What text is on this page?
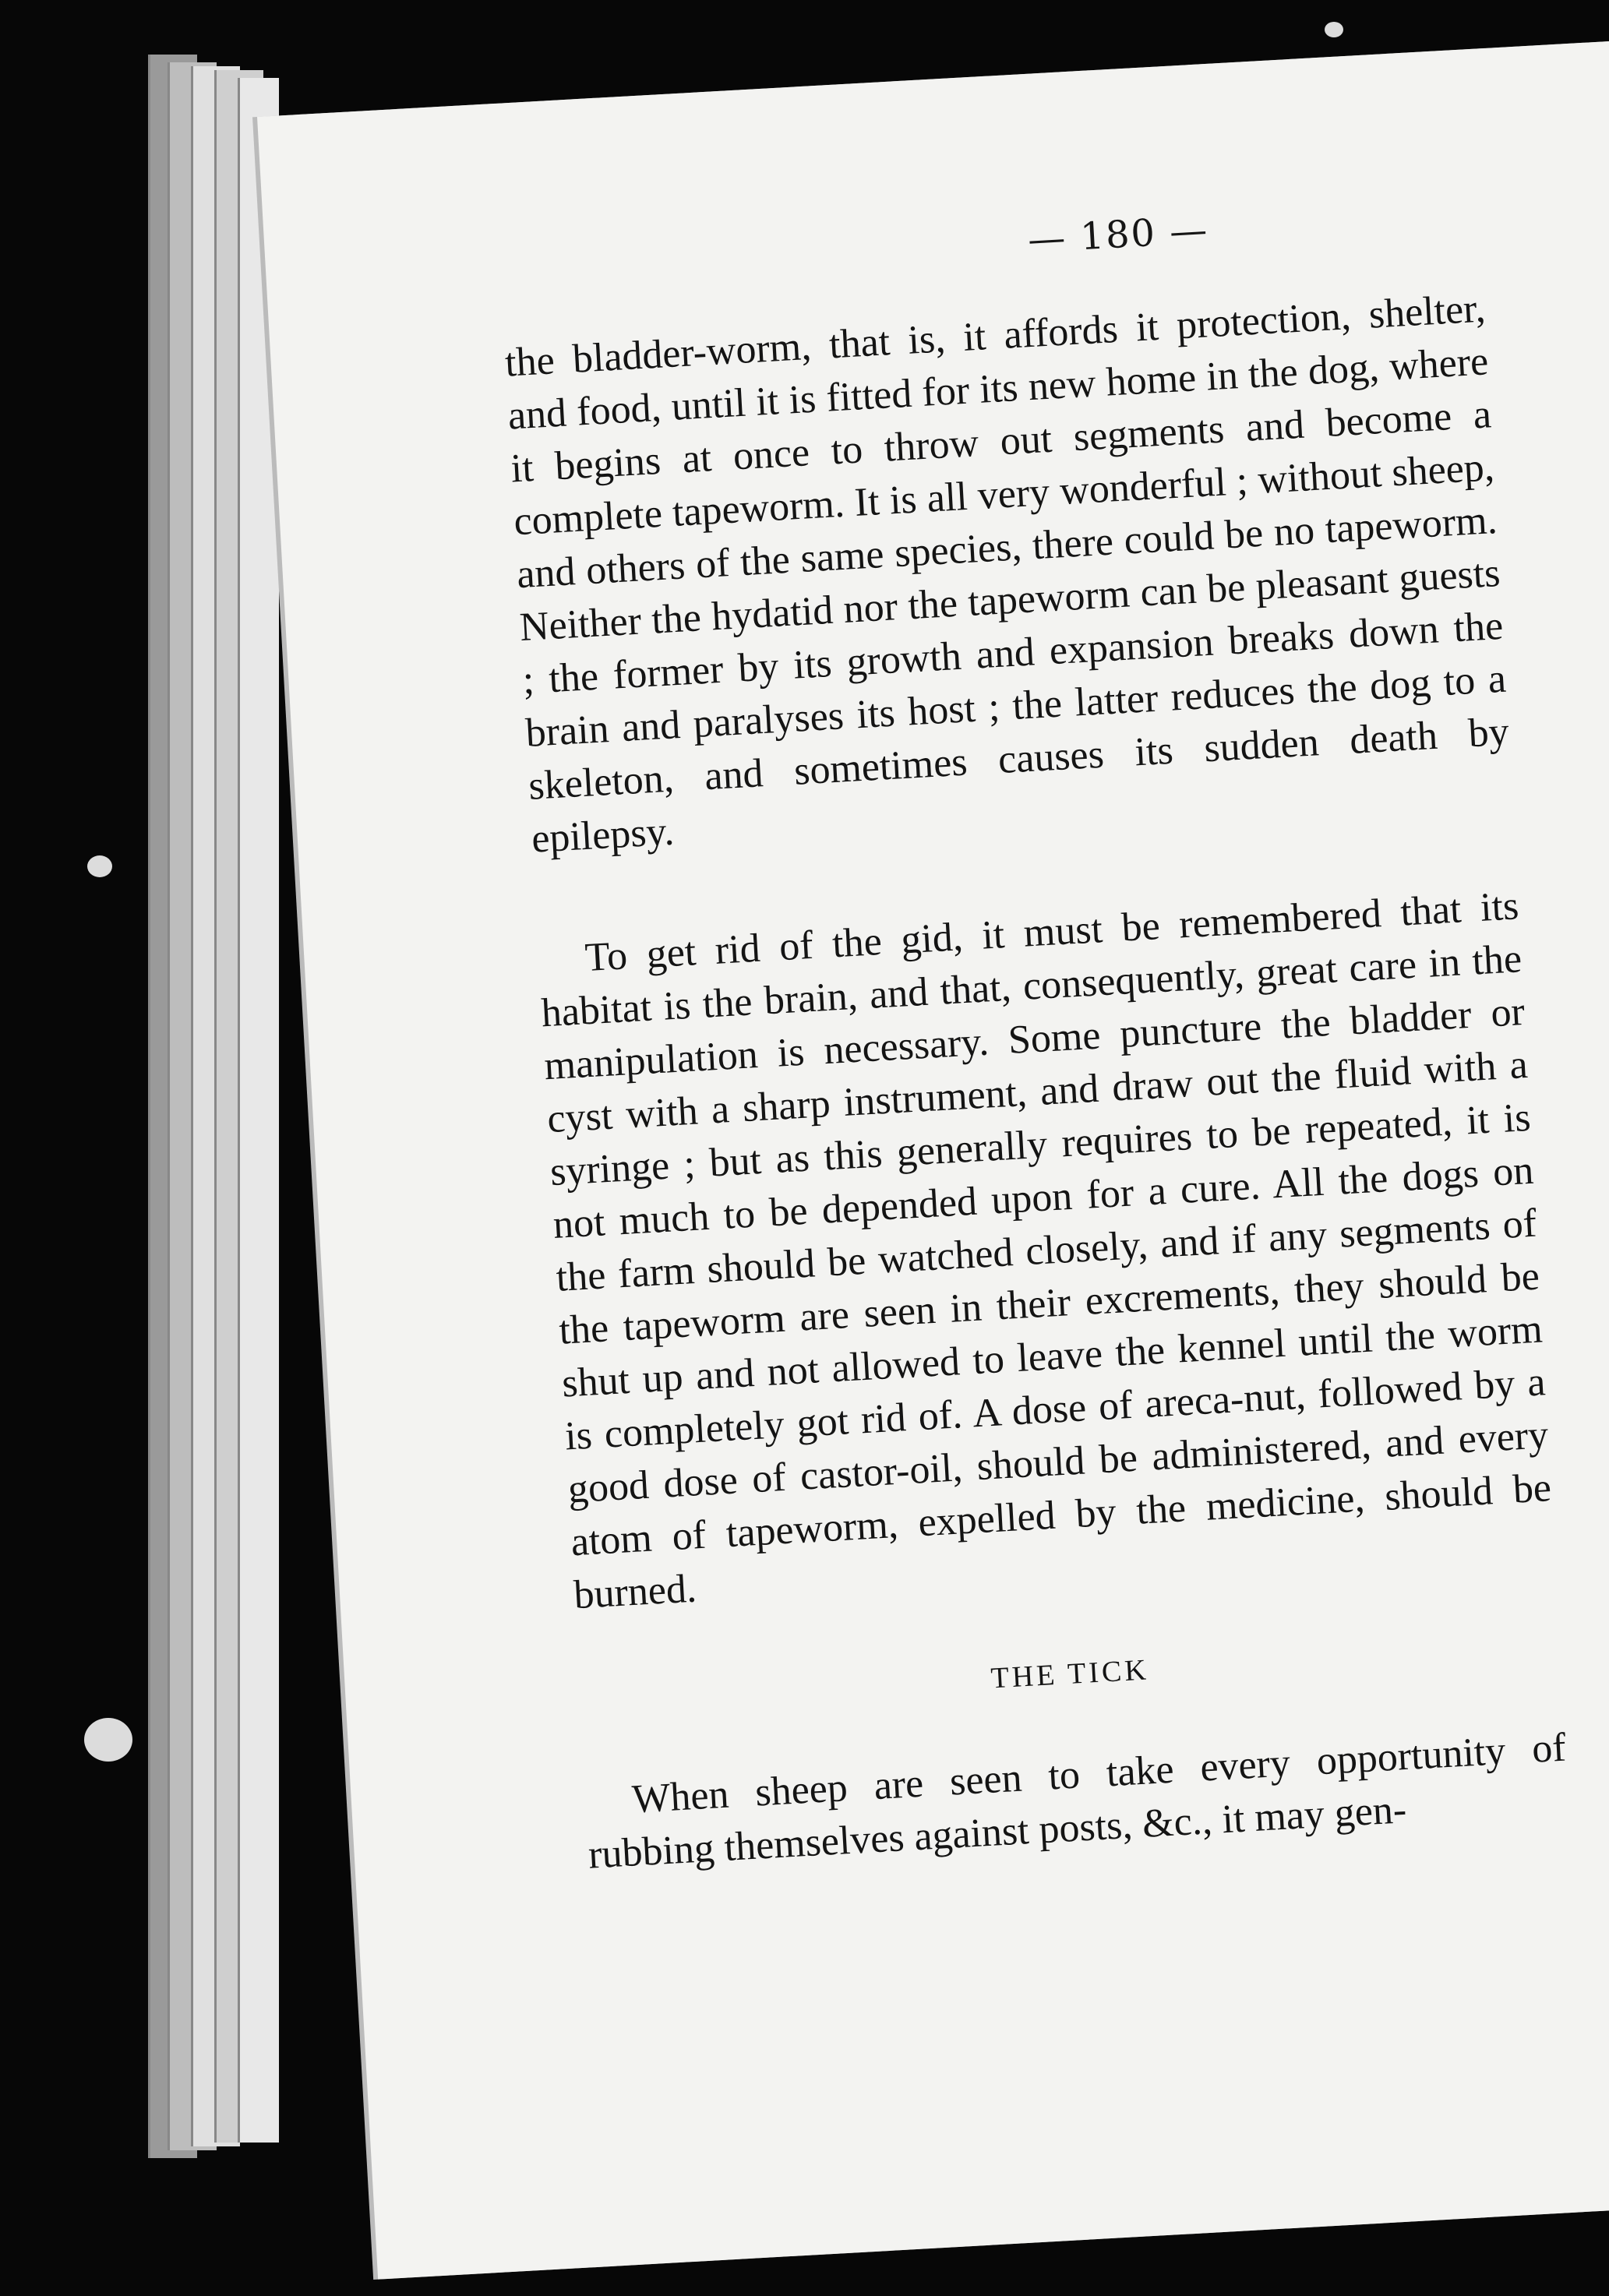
— 180 —

the bladder-worm, that is, it affords it protection, shelter, and food, until it is fitted for its new home in the dog, where it begins at once to throw out segments and become a complete tapeworm. It is all very wonderful ; without sheep, and others of the same species, there could be no tapeworm. Neither the hydatid nor the tapeworm can be pleasant guests ; the former by its growth and expansion breaks down the brain and paralyses its host ; the latter reduces the dog to a skeleton, and sometimes causes its sudden death by epilepsy.

To get rid of the gid, it must be remembered that its habitat is the brain, and that, consequently, great care in the manipulation is necessary. Some puncture the bladder or cyst with a sharp instrument, and draw out the fluid with a syringe ; but as this generally requires to be repeated, it is not much to be depended upon for a cure. All the dogs on the farm should be watched closely, and if any segments of the tapeworm are seen in their excrements, they should be shut up and not allowed to leave the kennel until the worm is completely got rid of. A dose of areca-nut, followed by a good dose of castor-oil, should be administered, and every atom of tapeworm, expelled by the medicine, should be burned.

THE TICK

When sheep are seen to take every opportunity of rubbing themselves against posts, &c., it may gen-
